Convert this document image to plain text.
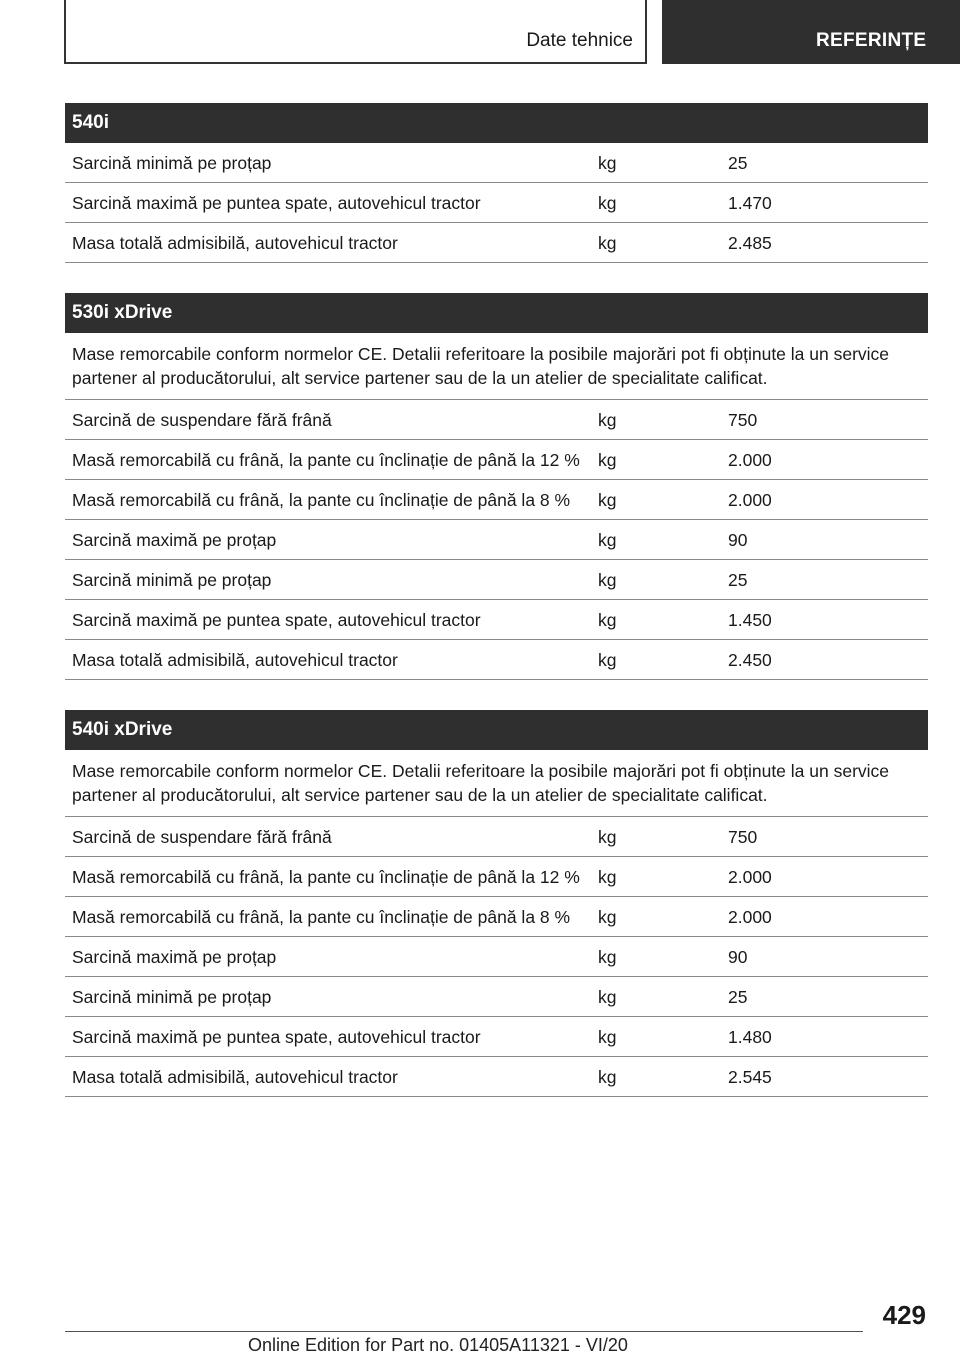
Date tehnice	REFERINȚE
540i
Sarcină minimă pe proțap	kg	25
Sarcină maximă pe puntea spate, autovehicul tractor	kg	1.470
Masa totală admisibilă, autovehicul tractor	kg	2.485
530i xDrive
Mase remorcabile conform normelor CE. Detalii referitoare la posibile majorări pot fi obținute la un service partener al producătorului, alt service partener sau de la un atelier de specialitate calificat.
Sarcină de suspendare fără frână	kg	750
Masă remorcabilă cu frână, la pante cu înclinație de până la 12 %	kg	2.000
Masă remorcabilă cu frână, la pante cu înclinație de până la 8 %	kg	2.000
Sarcină maximă pe proțap	kg	90
Sarcină minimă pe proțap	kg	25
Sarcină maximă pe puntea spate, autovehicul tractor	kg	1.450
Masa totală admisibilă, autovehicul tractor	kg	2.450
540i xDrive
Mase remorcabile conform normelor CE. Detalii referitoare la posibile majorări pot fi obținute la un service partener al producătorului, alt service partener sau de la un atelier de specialitate calificat.
Sarcină de suspendare fără frână	kg	750
Masă remorcabilă cu frână, la pante cu înclinație de până la 12 %	kg	2.000
Masă remorcabilă cu frână, la pante cu înclinație de până la 8 %	kg	2.000
Sarcină maximă pe proțap	kg	90
Sarcină minimă pe proțap	kg	25
Sarcină maximă pe puntea spate, autovehicul tractor	kg	1.480
Masa totală admisibilă, autovehicul tractor	kg	2.545
429
Online Edition for Part no. 01405A11321 - VI/20
